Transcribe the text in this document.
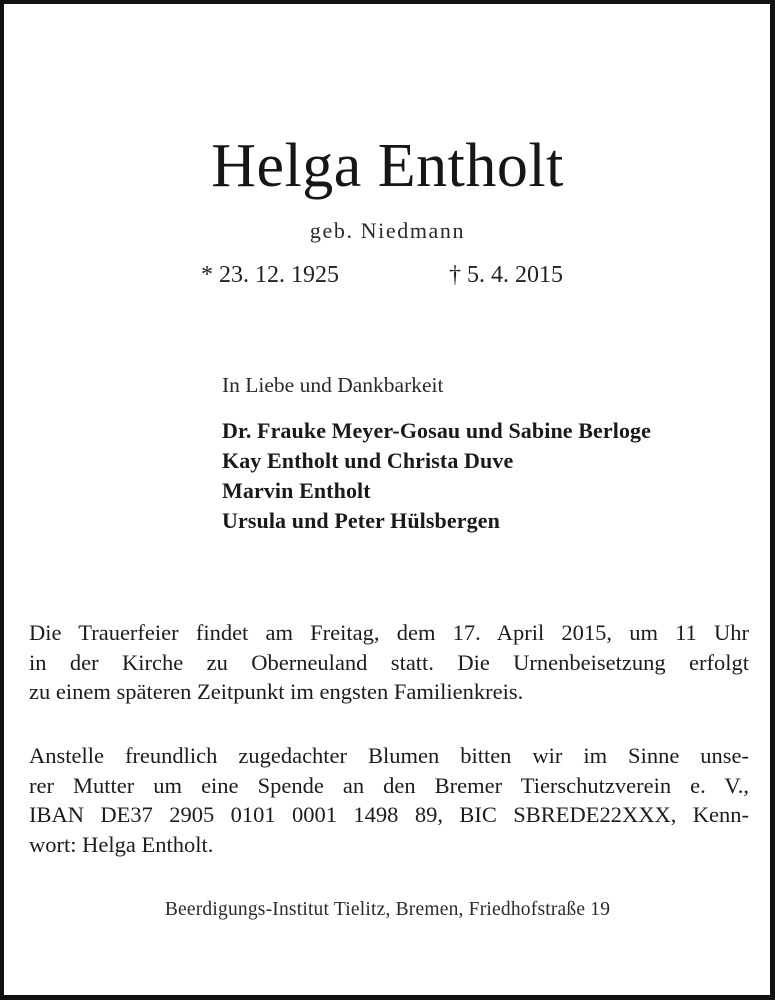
Helga Entholt
geb. Niedmann
* 23. 12. 1925	† 5. 4. 2015
In Liebe und Dankbarkeit
Dr. Frauke Meyer-Gosau und Sabine Berloge
Kay Entholt und Christa Duve
Marvin Entholt
Ursula und Peter Hülsbergen
Die Trauerfeier findet am Freitag, dem 17. April 2015, um 11 Uhr
in der Kirche zu Oberneuland statt. Die Urnenbeisetzung erfolgt
zu einem späteren Zeitpunkt im engsten Familienkreis.
Anstelle freundlich zugedachter Blumen bitten wir im Sinne unse-
rer Mutter um eine Spende an den Bremer Tierschutzverein e. V.,
IBAN DE37 2905 0101 0001 1498 89, BIC SBREDE22XXX, Kenn-
wort: Helga Entholt.
Beerdigungs-Institut Tielitz, Bremen, Friedhofstraße 19
